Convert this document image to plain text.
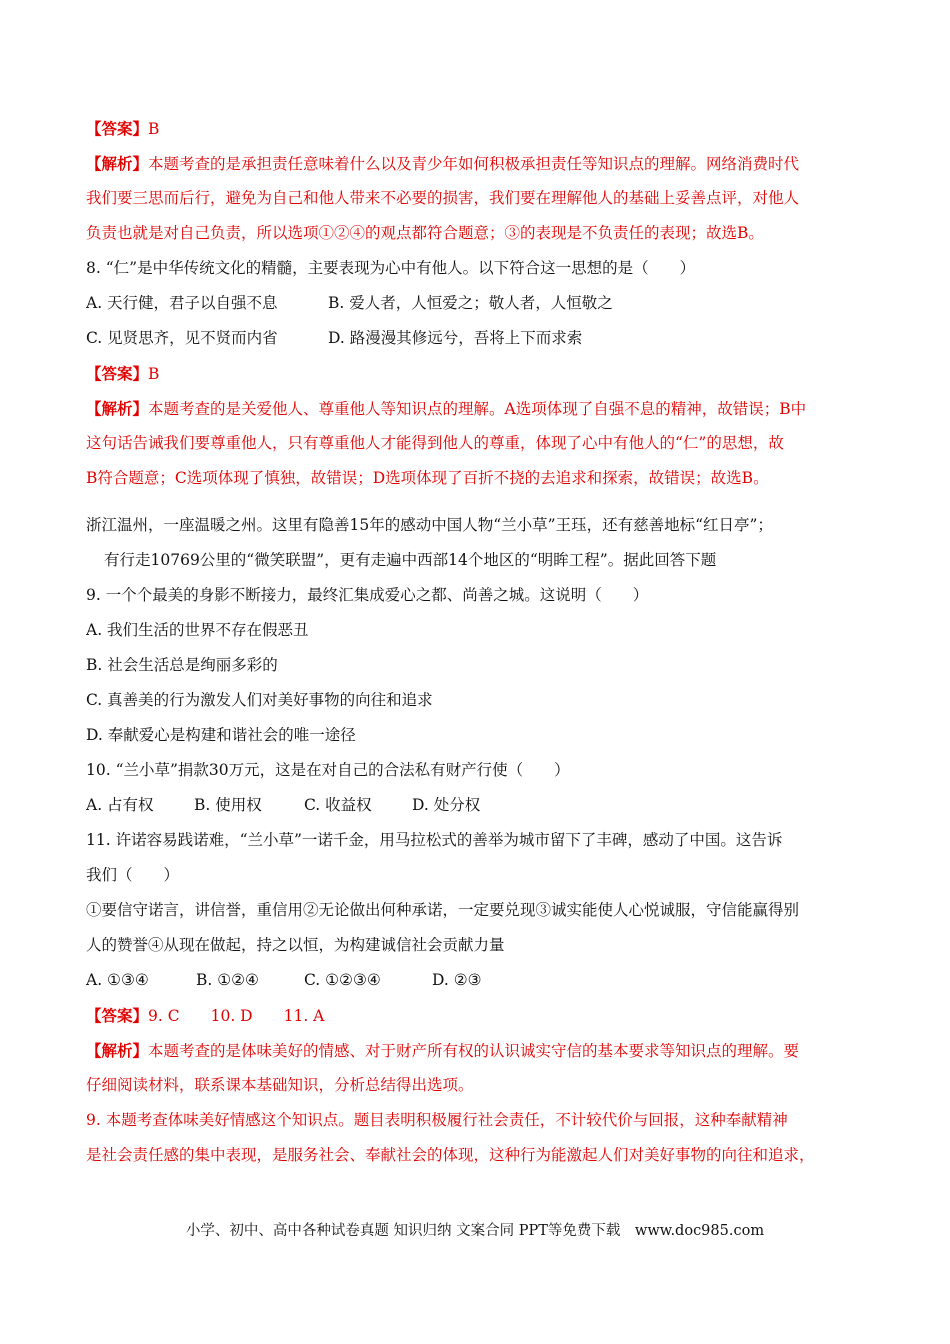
【答案】B
【解析】本题考查的是承担责任意味着什么以及青少年如何积极承担责任等知识点的理解。网络消费时代
我们要三思而后行，避免为自己和他人带来不必要的损害，我们要在理解他人的基础上妥善点评，对他人
负责也就是对自己负责，所以选项①②④的观点都符合题意；③的表现是不负责任的表现；故选B。
8. “仁”是中华传统文化的精髓，主要表现为心中有他人。以下符合这一思想的是（　　）
A. 天行健，君子以自强不息	B. 爱人者，人恒爱之；敬人者，人恒敬之
C. 见贤思齐，见不贤而内省	D. 路漫漫其修远兮，吾将上下而求索
【答案】B
【解析】本题考查的是关爱他人、尊重他人等知识点的理解。A选项体现了自强不息的精神，故错误；B中
这句话告诫我们要尊重他人，只有尊重他人才能得到他人的尊重，体现了心中有他人的“仁”的思想，故
B符合题意；C选项体现了慎独，故错误；D选项体现了百折不挠的去追求和探索，故错误；故选B。
浙江温州，一座温暖之州。这里有隐善15年的感动中国人物“兰小草”王珏，还有慈善地标“红日亭”；
有行走10769公里的“微笑联盟”，更有走遍中西部14个地区的“明眸工程”。据此回答下题
9. 一个个最美的身影不断接力，最终汇集成爱心之都、尚善之城。这说明（　　）
A. 我们生活的世界不存在假恶丑
B. 社会生活总是绚丽多彩的
C. 真善美的行为激发人们对美好事物的向往和追求
D. 奉献爱心是构建和谐社会的唯一途径
10. “兰小草”捐款30万元，这是在对自己的合法私有财产行使（　　）
A. 占有权	B. 使用权	C. 收益权	D. 处分权
11. 许诺容易践诺难，“兰小草”一诺千金，用马拉松式的善举为城市留下了丰碑，感动了中国。这告诉
我们（　　）
①要信守诺言，讲信誉，重信用②无论做出何种承诺，一定要兑现③诚实能使人心悦诚服，守信能赢得别
人的赞誉④从现在做起，持之以恒，为构建诚信社会贡献力量
A. ①③④	B. ①②④	C. ①②③④	D. ②③
【答案】9. C　　10. D　　11. A
【解析】本题考查的是体味美好的情感、对于财产所有权的认识诚实守信的基本要求等知识点的理解。要
仔细阅读材料，联系课本基础知识，分析总结得出选项。
9. 本题考查体味美好情感这个知识点。题目表明积极履行社会责任，不计较代价与回报，这种奉献精神
是社会责任感的集中表现，是服务社会、奉献社会的体现，这种行为能激起人们对美好事物的向往和追求，
小学、初中、高中各种试卷真题 知识归纳 文案合同 PPT等免费下载　www.doc985.com
